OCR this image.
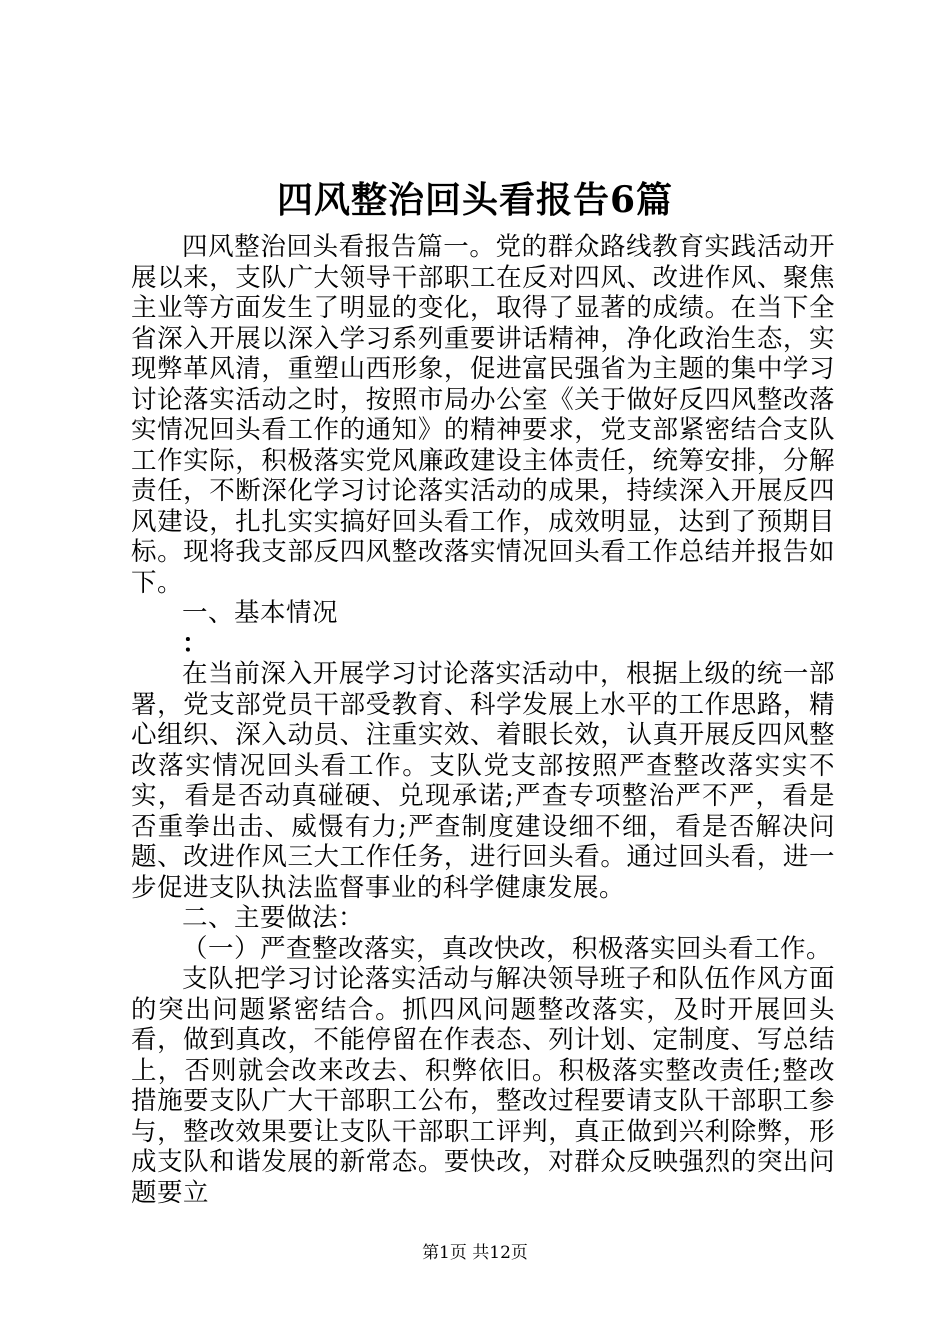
四风整治回头看报告6篇

四风整治回头看报告篇一。党的群众路线教育实践活动开展以来，支队广大领导干部职工在反对四风、改进作风、聚焦主业等方面发生了明显的变化，取得了显著的成绩。在当下全省深入开展以深入学习系列重要讲话精神，净化政治生态，实现弊革风清，重塑山西形象，促进富民强省为主题的集中学习讨论落实活动之时，按照市局办公室《关于做好反四风整改落实情况回头看工作的通知》的精神要求，党支部紧密结合支队工作实际，积极落实党风廉政建设主体责任，统筹安排，分解责任，不断深化学习讨论落实活动的成果，持续深入开展反四风建设，扎扎实实搞好回头看工作，成效明显，达到了预期目标。现将我支部反四风整改落实情况回头看工作总结并报告如下。

一、基本情况

：

在当前深入开展学习讨论落实活动中，根据上级的统一部署，党支部党员干部受教育、科学发展上水平的工作思路，精心组织、深入动员、注重实效、着眼长效，认真开展反四风整改落实情况回头看工作。支队党支部按照严查整改落实实不实，看是否动真碰硬、兑现承诺;严查专项整治严不严，看是否重拳出击、威慑有力;严查制度建设细不细，看是否解决问题、改进作风三大工作任务，进行回头看。通过回头看，进一步促进支队执法监督事业的科学健康发展。

二、主要做法：

（一）严查整改落实，真改快改，积极落实回头看工作。

支队把学习讨论落实活动与解决领导班子和队伍作风方面的突出问题紧密结合。抓四风问题整改落实，及时开展回头看，做到真改，不能停留在作表态、列计划、定制度、写总结上，否则就会改来改去、积弊依旧。积极落实整改责任;整改措施要支队广大干部职工公布，整改过程要请支队干部职工参与，整改效果要让支队干部职工评判，真正做到兴利除弊，形成支队和谐发展的新常态。要快改，对群众反映强烈的突出问题要立

第1页 共12页
